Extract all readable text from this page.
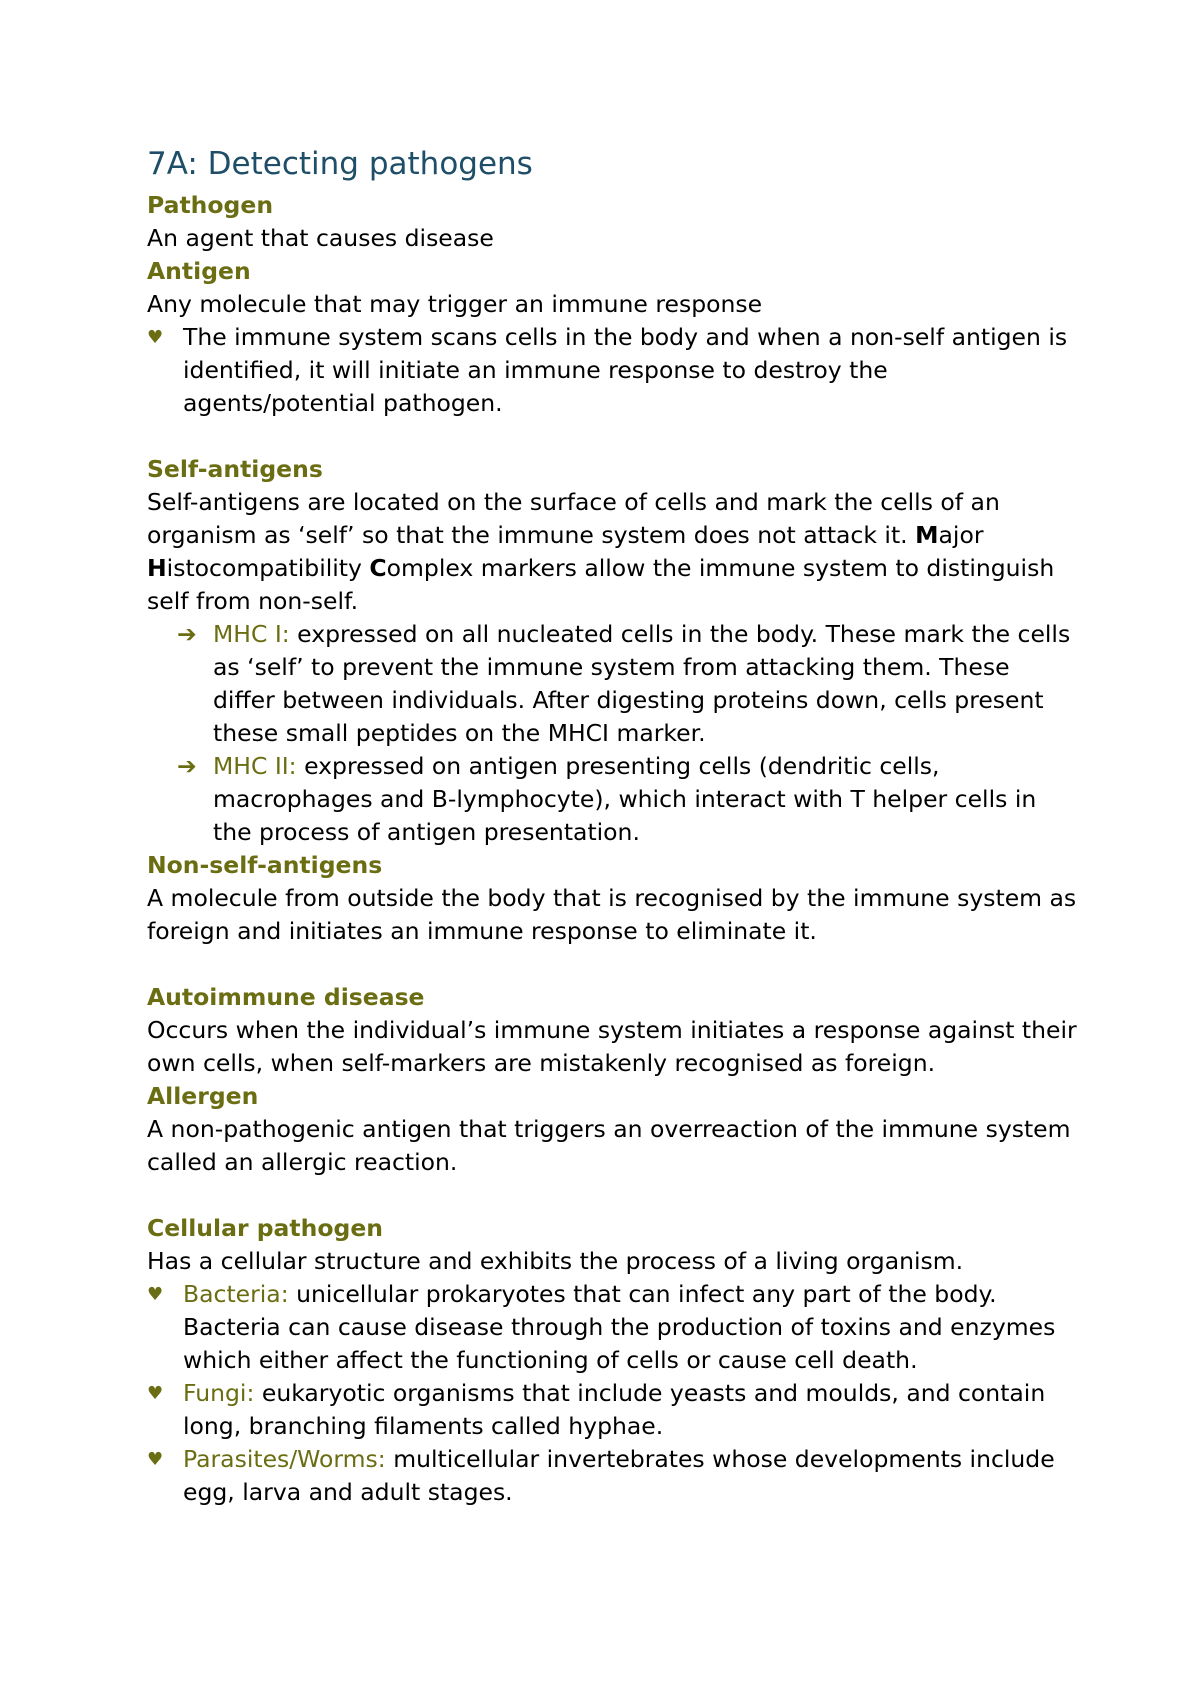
7A: Detecting pathogens

Pathogen

An agent that causes disease

Antigen

Any molecule that may trigger an immune response

♥ The immune system scans cells in the body and when a non-self antigen is identified, it will initiate an immune response to destroy the agents/potential pathogen.

Self-antigens

Self-antigens are located on the surface of cells and mark the cells of an organism as ‘self’ so that the immune system does not attack it. Major Histocompatibility Complex markers allow the immune system to distinguish self from non-self.

➔ MHC I: expressed on all nucleated cells in the body. These mark the cells as ‘self’ to prevent the immune system from attacking them. These differ between individuals. After digesting proteins down, cells present these small peptides on the MHCI marker.
➔ MHC II: expressed on antigen presenting cells (dendritic cells, macrophages and B-lymphocyte), which interact with T helper cells in the process of antigen presentation.

Non-self-antigens

A molecule from outside the body that is recognised by the immune system as foreign and initiates an immune response to eliminate it.

Autoimmune disease

Occurs when the individual’s immune system initiates a response against their own cells, when self-markers are mistakenly recognised as foreign.

Allergen

A non-pathogenic antigen that triggers an overreaction of the immune system called an allergic reaction.

Cellular pathogen

Has a cellular structure and exhibits the process of a living organism.

♥ Bacteria: unicellular prokaryotes that can infect any part of the body. Bacteria can cause disease through the production of toxins and enzymes which either affect the functioning of cells or cause cell death.
♥ Fungi: eukaryotic organisms that include yeasts and moulds, and contain long, branching filaments called hyphae.
♥ Parasites/Worms: multicellular invertebrates whose developments include egg, larva and adult stages.
